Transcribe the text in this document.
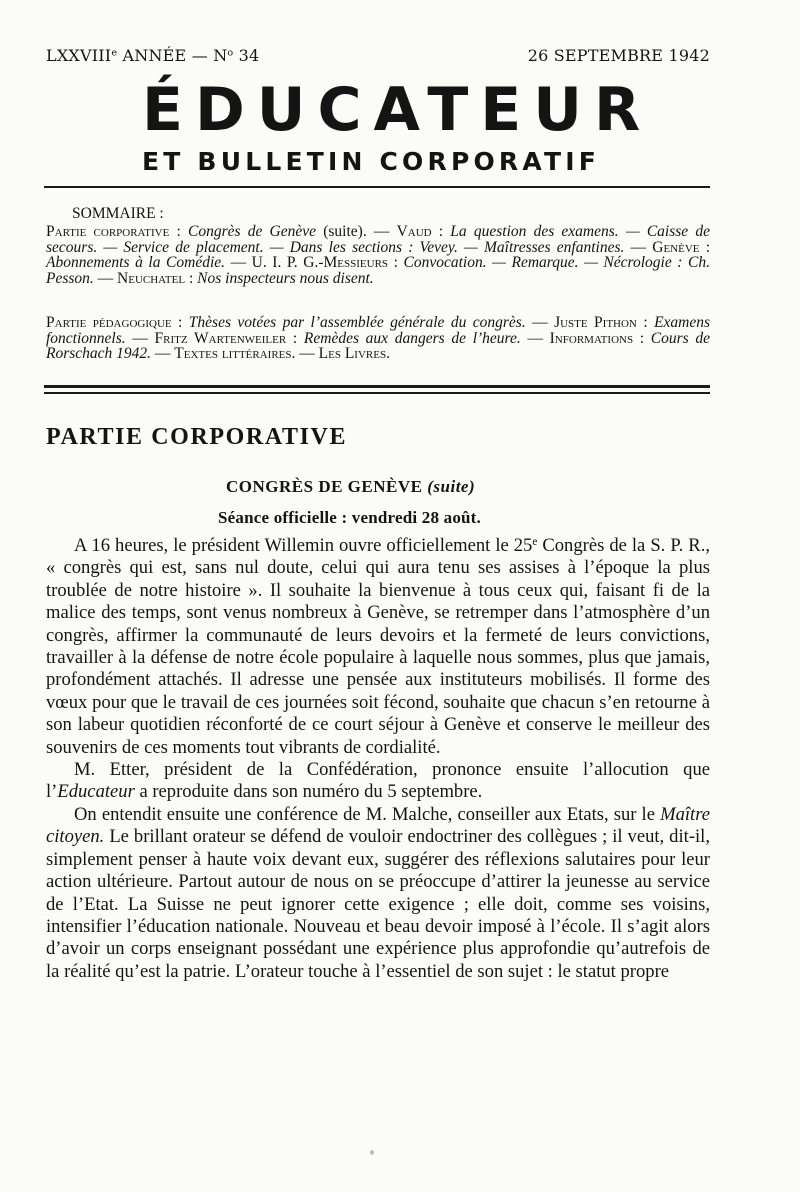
LXXVIIIe ANNÉE — $N^o$ 34	26 SEPTEMBRE 1942
ÉDUCATEUR
ET BULLETIN CORPORATIF
SOMMAIRE :
Partie corporative : Congrès de Genève (suite). — Vaud : La question des examens. — Caisse de secours. — Service de placement. — Dans les sections : Vevey. — Maîtresses enfantines. — Genève : Abonnements à la Comédie. — U. I. P. G.-Messieurs : Convocation. — Remarque. — Nécrologie : Ch. Pesson. — Neuchatel : Nos inspecteurs nous disent.
Partie pédagogique : Thèses votées par l’assemblée générale du congrès. — Juste Pithon : Examens fonctionnels. — Fritz Wartenweiler : Remèdes aux dangers de l’heure. — Informations : Cours de Rorschach 1942. — Textes littéraires. — Les Livres.
PARTIE CORPORATIVE
CONGRÈS DE GENÈVE (suite)
Séance officielle : vendredi 28 août.

A 16 heures, le président Willemin ouvre officiellement le 25e Congrès de la S. P. R., « congrès qui est, sans nul doute, celui qui aura tenu ses assises à l’époque la plus troublée de notre histoire ». Il souhaite la bienvenue à tous ceux qui, faisant fi de la malice des temps, sont venus nombreux à Genève, se retremper dans l’atmosphère d’un congrès, affirmer la communauté de leurs devoirs et la fermeté de leurs convictions, travailler à la défense de notre école populaire à laquelle nous sommes, plus que jamais, profondément attachés. Il adresse une pensée aux instituteurs mobilisés. Il forme des vœux pour que le travail de ces journées soit fécond, souhaite que chacun s’en retourne à son labeur quotidien réconforté de ce court séjour à Genève et conserve le meilleur des souvenirs de ces moments tout vibrants de cordialité.

M. Etter, président de la Confédération, prononce ensuite l’allocution que l’Educateur a reproduite dans son numéro du 5 septembre.

On entendit ensuite une conférence de M. Malche, conseiller aux Etats, sur le Maître citoyen. Le brillant orateur se défend de vouloir endoctriner des collègues ; il veut, dit-il, simplement penser à haute voix devant eux, suggérer des réflexions salutaires pour leur action ultérieure. Partout autour de nous on se préoccupe d’attirer la jeunesse au service de l’Etat. La Suisse ne peut ignorer cette exigence ; elle doit, comme ses voisins, intensifier l’éducation nationale. Nouveau et beau devoir imposé à l’école. Il s’agit alors d’avoir un corps enseignant possédant une expérience plus approfondie qu’autrefois de la réalité qu’est la patrie. L’orateur touche à l’essentiel de son sujet : le statut propre
